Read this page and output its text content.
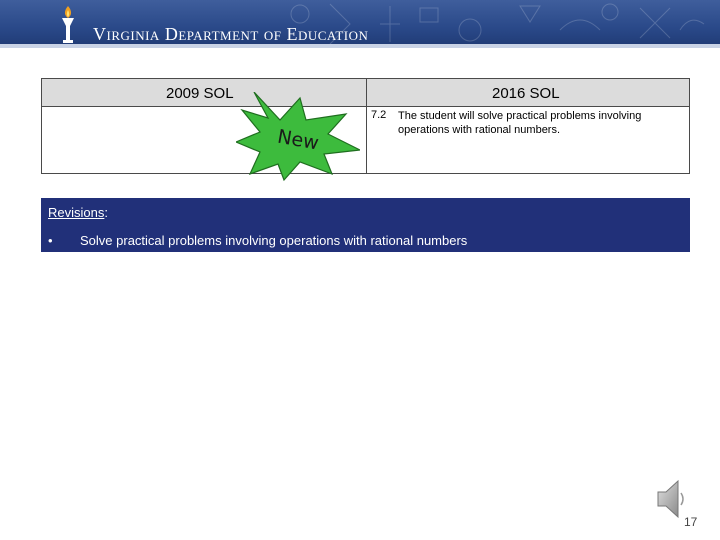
Virginia Department of Education
2009 SOL	2016 SOL
7.2 The student will solve practical problems involving operations with rational numbers.
New
Revisions:
• Solve practical problems involving operations with rational numbers
17
